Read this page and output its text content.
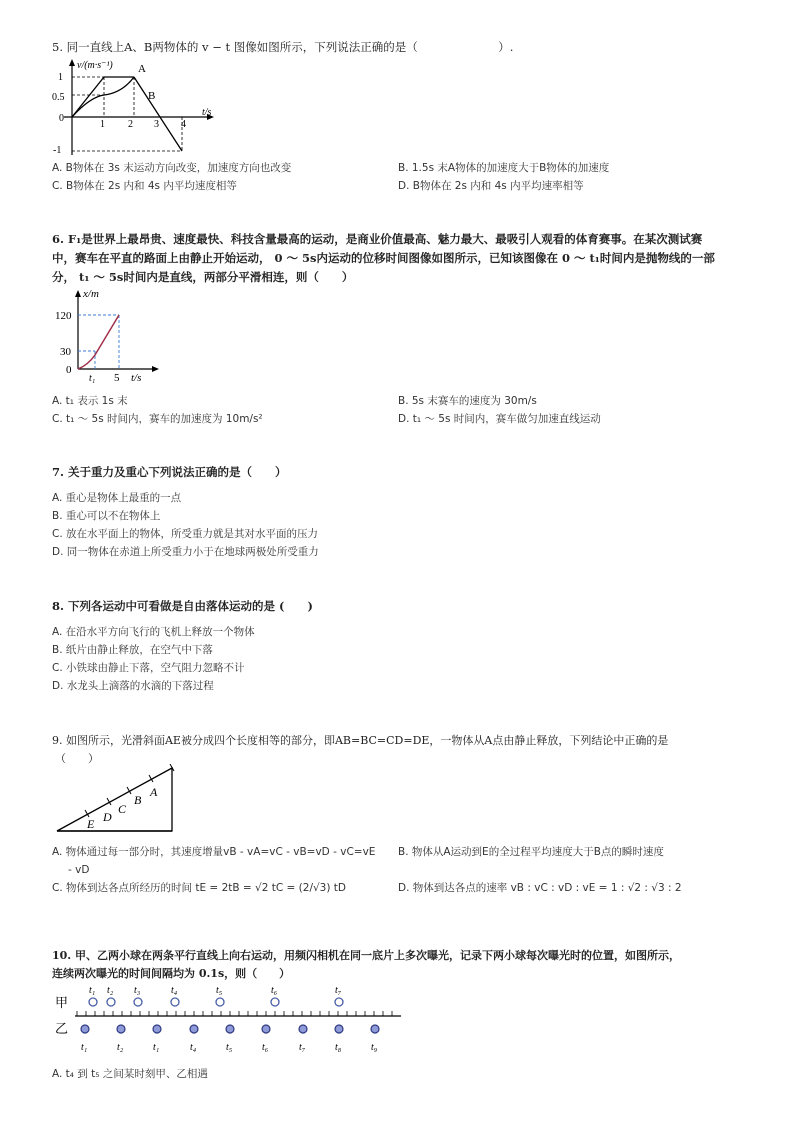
5. 同一直线上A、B两物体的 v − t 图像如图所示，下列说法正确的是（　　　　　　　）.
v/(m·s⁻¹)
t/s
1
0.5
0
-1
1 2 3 4
A
B
A. B物体在 3s 末运动方向改变，加速度方向也改变	B. 1.5s 末A物体的加速度大于B物体的加速度
C. B物体在 2s 内和 4s 内平均速度相等	D. B物体在 2s 内和 4s 内平均速率相等
6. F₁是世界上最昂贵、速度最快、科技含量最高的运动，是商业价值最高、魅力最大、最吸引人观看的体育赛事。在某次测试赛
中，赛车在平直的路面上由静止开始运动， 0 ～ 5s内运动的位移时间图像如图所示，已知该图像在 0 ～ t₁时间内是抛物线的一部
分， t₁ ～ 5s时间内是直线，两部分平滑相连，则（　　）
x/m
t/s
120
30
0
t₁ 5
A. t₁ 表示 1s 末	B. 5s 末赛车的速度为 30m/s
C. t₁ ～ 5s 时间内，赛车的加速度为 10m/s²	D. t₁ ～ 5s 时间内，赛车做匀加速直线运动
7. 关于重力及重心下列说法正确的是（　　）
A. 重心是物体上最重的一点
B. 重心可以不在物体上
C. 放在水平面上的物体，所受重力就是其对水平面的压力
D. 同一物体在赤道上所受重力小于在地球两极处所受重力
8. 下列各运动中可看做是自由落体运动的是 (　　)
A. 在沿水平方向飞行的飞机上释放一个物体
B. 纸片由静止释放，在空气中下落
C. 小铁球由静止下落，空气阻力忽略不计
D. 水龙头上滴落的水滴的下落过程
9. 如图所示，光滑斜面AE被分成四个长度相等的部分，即AB=BC=CD=DE，一物体从A点由静止释放，下列结论中正确的是
（　　）
A
B
C
D
E
A. 物体通过每一部分时，其速度增量vB - vA=vC - vB=vD - vC=vE
- vD
B. 物体从A运动到E的全过程平均速度大于B点的瞬时速度
C. 物体到达各点所经历的时间 tE = 2tB = √2 tC = (2/√3) tD	D. 物体到达各点的速率 vB : vC : vD : vE = 1 : √2 : √3 : 2
10. 甲、乙两小球在两条平行直线上向右运动，用频闪相机在同一底片上多次曝光，记录下两小球每次曝光时的位置，如图所示，
连续两次曝光的时间间隔均为 0.1s，则（　　）
甲
乙
t₁ t₂ t₃	t₄	t₅	t₆	t₇
t₁	t₂	t₁	t₄	t₅	t₆	t₇	t₈	t₉
A. t₄ 到 t₅ 之间某时刻甲、乙相遇
